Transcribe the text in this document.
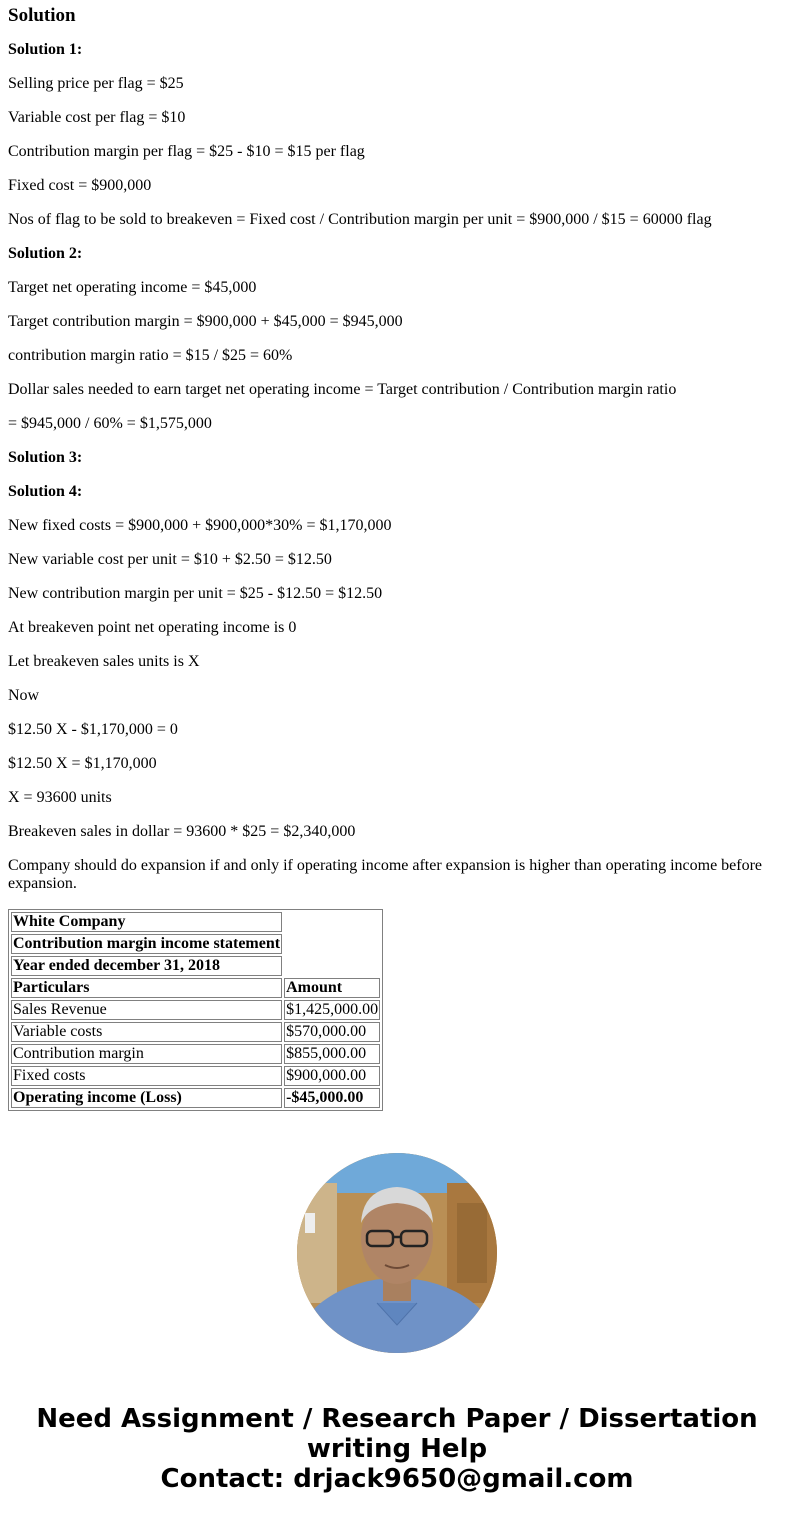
Solution

Solution 1:

Selling price per flag = $25

Variable cost per flag = $10

Contribution margin per flag = $25 - $10 = $15 per flag

Fixed cost = $900,000

Nos of flag to be sold to breakeven = Fixed cost / Contribution margin per unit = $900,000 / $15 = 60000 flag

Solution 2:

Target net operating income = $45,000

Target contribution margin = $900,000 + $45,000 = $945,000

contribution margin ratio = $15 / $25 = 60%

Dollar sales needed to earn target net operating income = Target contribution / Contribution margin ratio

= $945,000 / 60% = $1,575,000

Solution 3:

Solution 4:

New fixed costs = $900,000 + $900,000*30% = $1,170,000

New variable cost per unit = $10 + $2.50 = $12.50

New contribution margin per unit = $25 - $12.50 = $12.50

At breakeven point net operating income is 0

Let breakeven sales units is X

Now

$12.50 X - $1,170,000 = 0

$12.50 X = $1,170,000

X = 93600 units

Breakeven sales in dollar = 93600 * $25 = $2,340,000

Company should do expansion if and only if operating income after expansion is higher than operating income before expansion.

White Company	
Contribution margin income statement	
Year ended december 31, 2018	
Particulars	Amount
Sales Revenue	$1,425,000.00
Variable costs	$570,000.00
Contribution margin	$855,000.00
Fixed costs	$900,000.00
Operating income (Loss)	-$45,000.00
Need Assignment / Research Paper / Dissertation
writing Help
Contact: drjack9650@gmail.com
